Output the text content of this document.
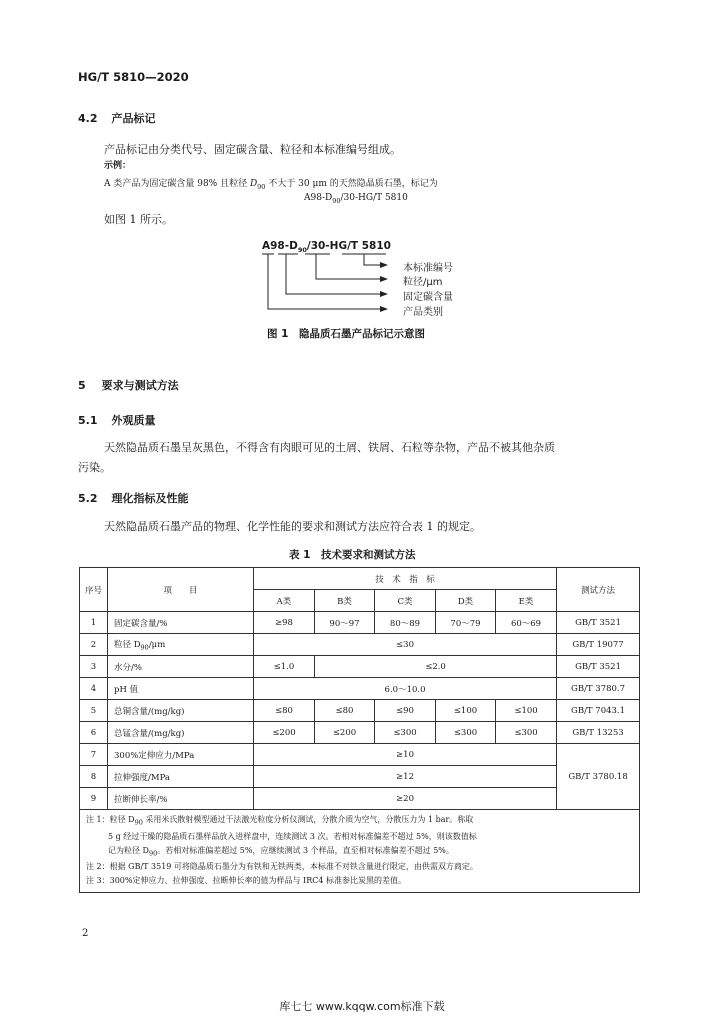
HG/T 5810—2020
4.2 产品标记
产品标记由分类代号、固定碳含量、粒径和本标准编号组成。
示例：
A 类产品为固定碳含量 98% 且粒径 $D_{90}$ 不大于 30 μm 的天然隐晶质石墨，标记为
$A98-D_{90}/30-HG/T$ 5810
如图 1 所示。
$A98-D_{90}/30-HG/T$ 5810
本标准编号
粒径/μm
固定碳含量
产品类别
图 1　隐晶质石墨产品标记示意图
5 要求与测试方法
5.1 外观质量
天然隐晶质石墨呈灰黑色，不得含有肉眼可见的土屑、铁屑、石粒等杂物，产品不被其他杂质
污染。
5.2 理化指标及性能
天然隐晶质石墨产品的物理、化学性能的要求和测试方法应符合表 1 的规定。
表 1　技术要求和测试方法
序号	项　　目	技　术　指　标					测试方法
		A类	B类	C类	D类	E类	
1	固定碳含量/%	≥98	90～97	80～89	70～79	60～69	GB/T 3521
2	粒径 $D_{90}/\mu m$	≤30					GB/T 19077
3	水分/%	≤1.0	≤2.0				GB/T 3521
4	pH 值	6.0～10.0					GB/T 3780.7
5	总铜含量/(mg/kg)	≤80	≤80	≤90	≤100	≤100	GB/T 7043.1
6	总锰含量/(mg/kg)	≤200	≤200	≤300	≤300	≤300	GB/T 13253
7	300%定伸应力/MPa	≥10					GB/T 3780.18
8	拉伸强度/MPa	≥12					
9	拉断伸长率/%	≥20					

注 1：粒径 $D_{90}$ 采用米氏散射模型通过干法激光粒度分析仪测试，分散介质为空气，分散压力为 1 bar。称取
5 g 经过干燥的隐晶质石墨样品放入进样盘中，连续测试 3 次。若相对标准偏差不超过 5%，则该数值标
记为粒径 $D_{90}$。若相对标准偏差超过 5%，应继续测试 3 个样品，直至相对标准偏差不超过 5%。
注 2：根据 GB/T 3519 可将隐晶质石墨分为有铁和无铁两类，本标准不对铁含量进行限定，由供需双方商定。
注 3：300%定伸应力、拉伸强度、拉断伸长率的值为样品与 IRC4 标准参比炭黑的差值。							
2
库七七 www.kqqw.com标准下载
